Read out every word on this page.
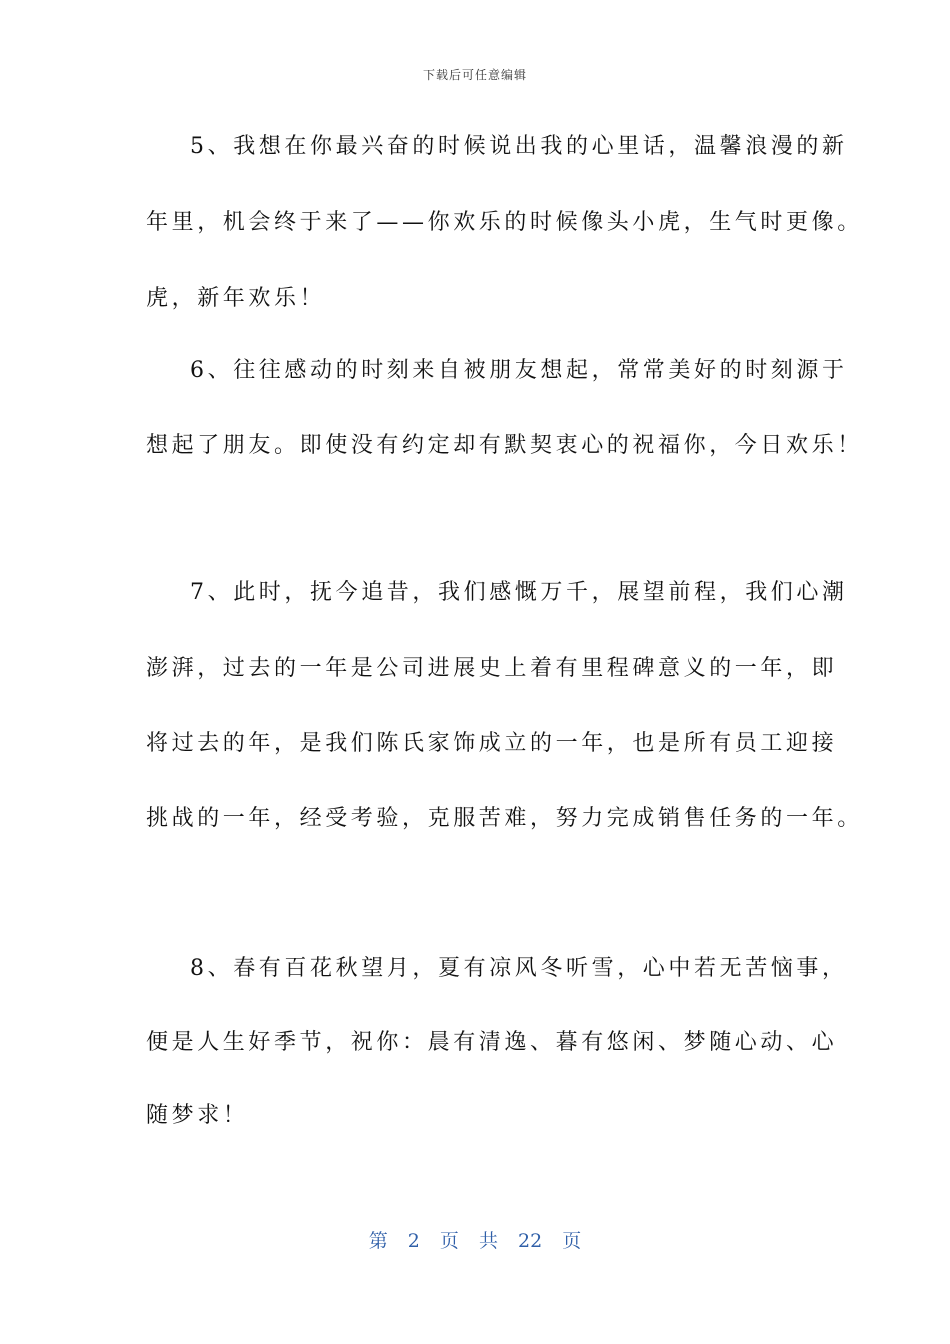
下载后可任意编辑
5、我想在你最兴奋的时候说出我的心里话，温馨浪漫的新
年里，机会终于来了——你欢乐的时候像头小虎，生气时更像。
虎，新年欢乐！
6、往往感动的时刻来自被朋友想起，常常美好的时刻源于
想起了朋友。即使没有约定却有默契衷心的祝福你，今日欢乐！
7、此时，抚今追昔，我们感慨万千，展望前程，我们心潮
澎湃，过去的一年是公司进展史上着有里程碑意义的一年，即
将过去的年，是我们陈氏家饰成立的一年，也是所有员工迎接
挑战的一年，经受考验，克服苦难，努力完成销售任务的一年。
8、春有百花秋望月，夏有凉风冬听雪，心中若无苦恼事，
便是人生好季节，祝你：晨有清逸、暮有悠闲、梦随心动、心
随梦求！
第 2 页 共 22 页
